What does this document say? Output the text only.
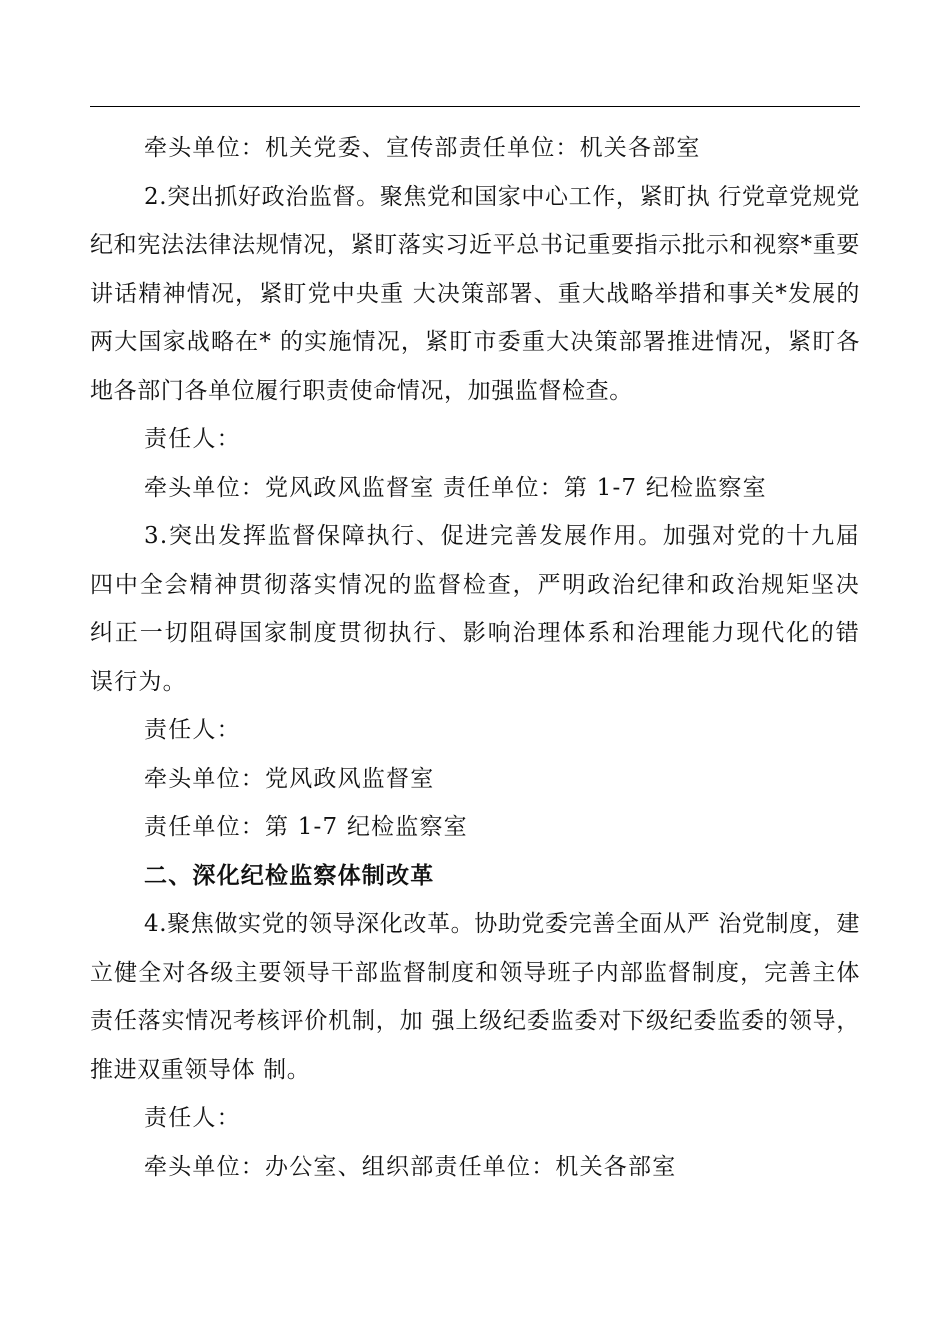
牵头单位：机关党委、宣传部责任单位：机关各部室

2.突出抓好政治监督。聚焦党和国家中心工作，紧盯执 行党章党规党纪和宪法法律法规情况，紧盯落实习近平总书记重要指示批示和视察*重要讲话精神情况，紧盯党中央重 大决策部署、重大战略举措和事关*发展的两大国家战略在* 的实施情况，紧盯市委重大决策部署推进情况，紧盯各地各部门各单位履行职责使命情况，加强监督检查。

责任人：

牵头单位：党风政风监督室 责任单位：第 1-7 纪检监察室

3.突出发挥监督保障执行、促进完善发展作用。加强对党的十九届四中全会精神贯彻落实情况的监督检查，严明政治纪律和政治规矩坚决纠正一切阻碍国家制度贯彻执行、影响治理体系和治理能力现代化的错误行为。

责任人：

牵头单位：党风政风监督室

责任单位：第 1-7 纪检监察室

二、深化纪检监察体制改革

4.聚焦做实党的领导深化改革。协助党委完善全面从严 治党制度，建立健全对各级主要领导干部监督制度和领导班子内部监督制度，完善主体责任落实情况考核评价机制，加 强上级纪委监委对下级纪委监委的领导，推进双重领导体 制。

责任人：

牵头单位：办公室、组织部责任单位：机关各部室
